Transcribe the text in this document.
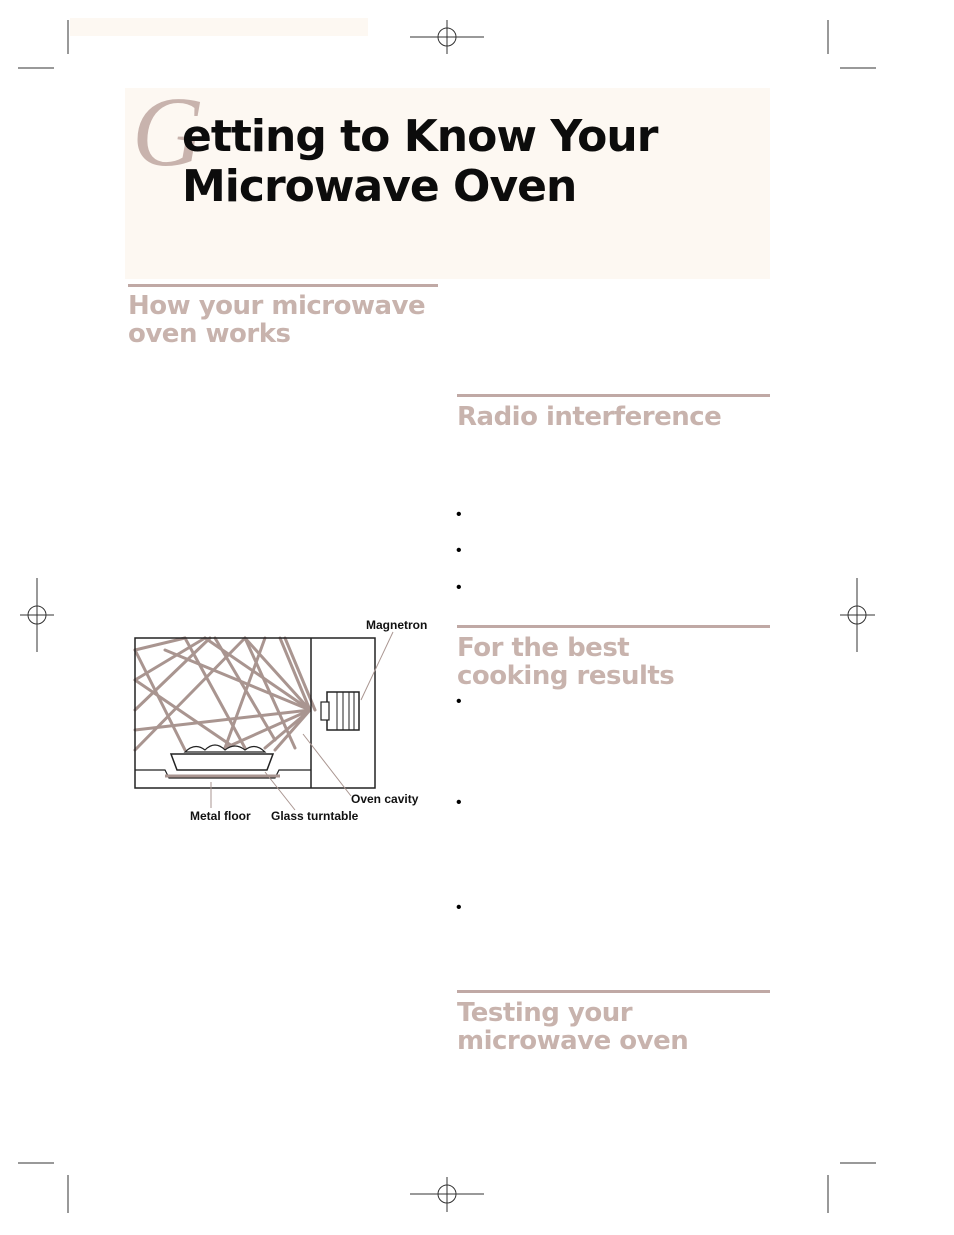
G
etting to Know Your
Microwave Oven
How your microwave
oven works
Radio interference
•
•
•
For the best
cooking results
•
•
•
Testing your
microwave oven
Magnetron
Oven cavity
Metal floor Glass turntable
